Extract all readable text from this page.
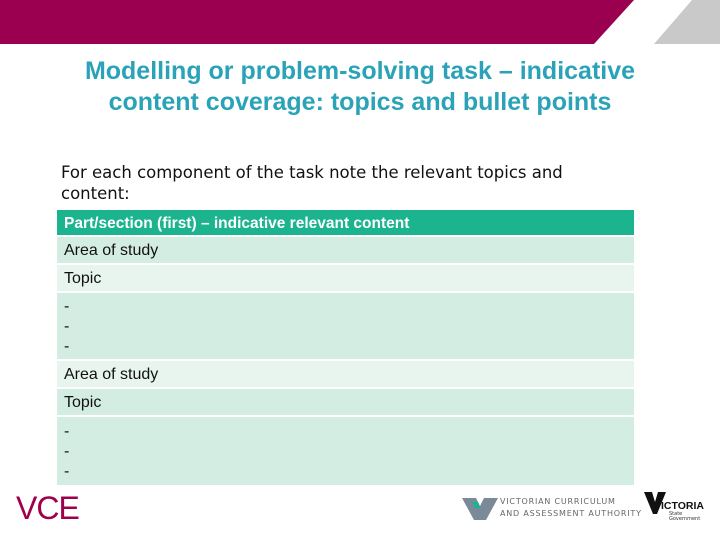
Modelling or problem-solving task – indicative content coverage: topics and bullet points
For each component of the task note the relevant topics and content:
Part/section (first) – indicative relevant content
Area of study
Topic
-
-
-
Area of study
Topic
-
-
-
VCE	VICTORIAN CURRICULUM
AND ASSESSMENT AUTHORITY
VICTORIA
State
Government
